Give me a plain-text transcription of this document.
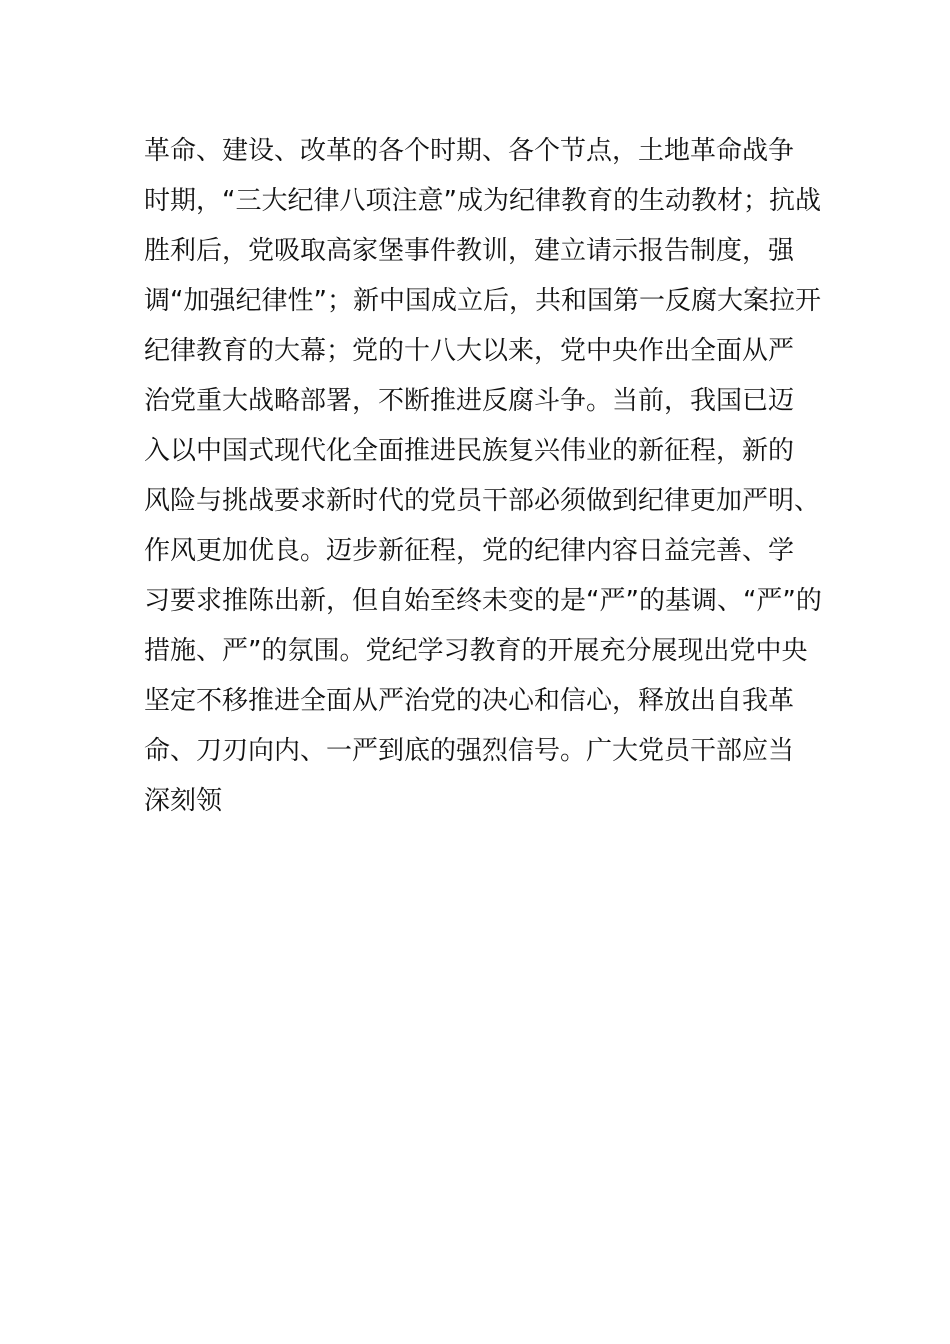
革命、建设、改革的各个时期、各个节点，土地革命战争
时期，“三大纪律八项注意”成为纪律教育的生动教材；抗战
胜利后，党吸取高家堡事件教训，建立请示报告制度，强
调“加强纪律性”；新中国成立后，共和国第一反腐大案拉开
纪律教育的大幕；党的十八大以来，党中央作出全面从严
治党重大战略部署，不断推进反腐斗争。当前，我国已迈
入以中国式现代化全面推进民族复兴伟业的新征程，新的
风险与挑战要求新时代的党员干部必须做到纪律更加严明、
作风更加优良。迈步新征程，党的纪律内容日益完善、学
习要求推陈出新，但自始至终未变的是“严”的基调、“严”的
措施、严”的氛围。党纪学习教育的开展充分展现出党中央
坚定不移推进全面从严治党的决心和信心，释放出自我革
命、刀刃向内、一严到底的强烈信号。广大党员干部应当
深刻领
